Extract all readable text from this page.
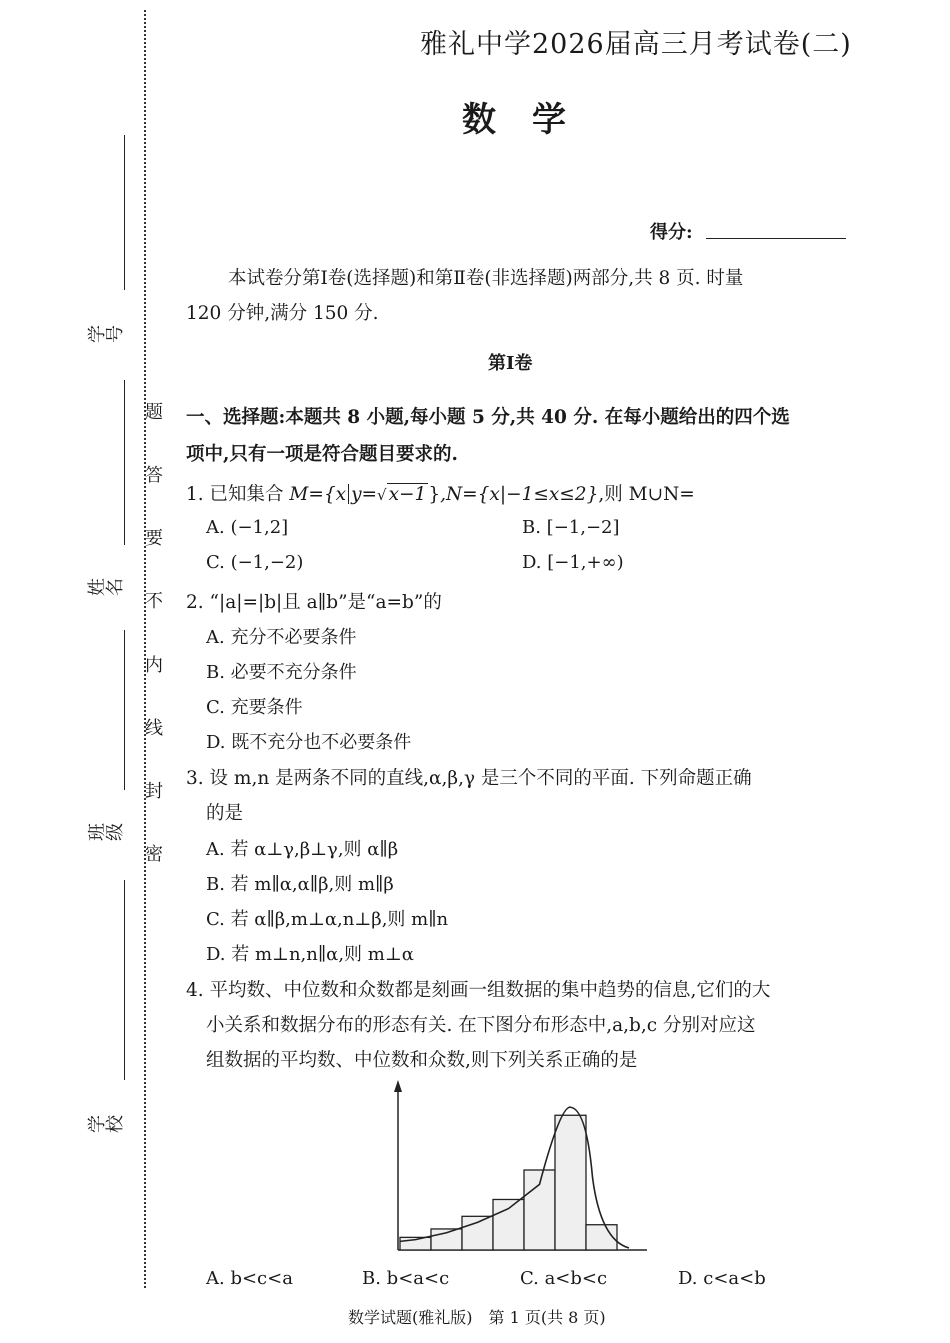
题
答
要
不
内
线
封
密
学号
姓名
班级
学校
雅礼中学2026届高三月考试卷(二)
数学
得分:
本试卷分第Ⅰ卷(选择题)和第Ⅱ卷(非选择题)两部分,共 8 页. 时量
120 分钟,满分 150 分.
第Ⅰ卷
一、选择题:本题共 8 小题,每小题 5 分,共 40 分. 在每小题给出的四个选
项中,只有一项是符合题目要求的.
1. 已知集合 M={x y=√ x−1 },N={x|−1≤x≤2},则 M∪N=
A. (−1,2]	B. [−1,−2]
C. (−1,−2)	D. [−1,+∞)
2. “|a|=|b|且 a∥b”是“a=b”的
A. 充分不必要条件
B. 必要不充分条件
C. 充要条件
D. 既不充分也不必要条件
3. 设 m,n 是两条不同的直线,α,β,γ 是三个不同的平面. 下列命题正确
的是
A. 若 α⊥γ,β⊥γ,则 α∥β
B. 若 m∥α,α∥β,则 m∥β
C. 若 α∥β,m⊥α,n⊥β,则 m∥n
D. 若 m⊥n,n∥α,则 m⊥α
4. 平均数、中位数和众数都是刻画一组数据的集中趋势的信息,它们的大
小关系和数据分布的形态有关. 在下图分布形态中,a,b,c 分别对应这
组数据的平均数、中位数和众数,则下列关系正确的是
A. b<c<a	B. b<a<c	C. a<b<c	D. c<a<b
数学试题(雅礼版)　第 1 页(共 8 页)
